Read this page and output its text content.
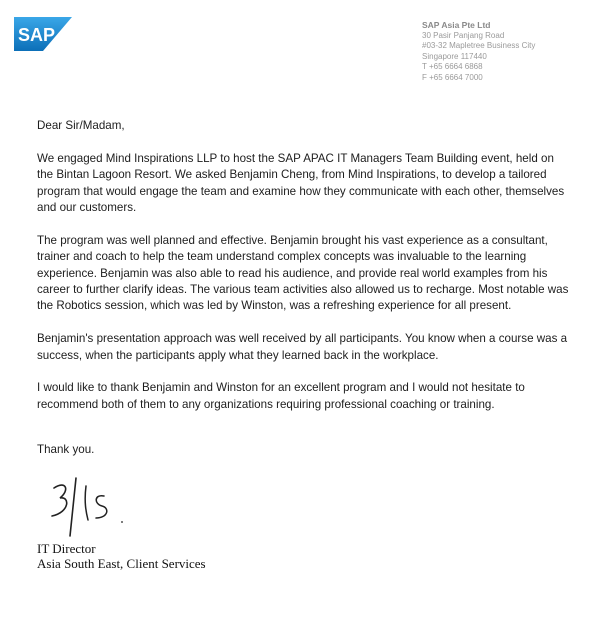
SAP	SAP Asia Pte Ltd
30 Pasir Panjang Road
#03-32 Mapletree Business City
Singapore 117440
T +65 6664 6868
F +65 6664 7000

Dear Sir/Madam,

We engaged Mind Inspirations LLP to host the SAP APAC IT Managers Team Building event, held on the Bintan Lagoon Resort. We asked Benjamin Cheng, from Mind Inspirations, to develop a tailored program that would engage the team and examine how they communicate with each other, themselves and our customers.

The program was well planned and effective. Benjamin brought his vast experience as a consultant, trainer and coach to help the team understand complex concepts was invaluable to the learning experience. Benjamin was also able to read his audience, and provide real world examples from his career to further clarify ideas. The various team activities also allowed us to recharge. Most notable was the Robotics session, which was led by Winston, was a refreshing experience for all present.

Benjamin's presentation approach was well received by all participants. You know when a course was a success, when the participants apply what they learned back in the workplace.

I would like to thank Benjamin and Winston for an excellent program and I would not hesitate to recommend both of them to any organizations requiring professional coaching or training.

Thank you.
IT Director
Asia South East, Client Services
